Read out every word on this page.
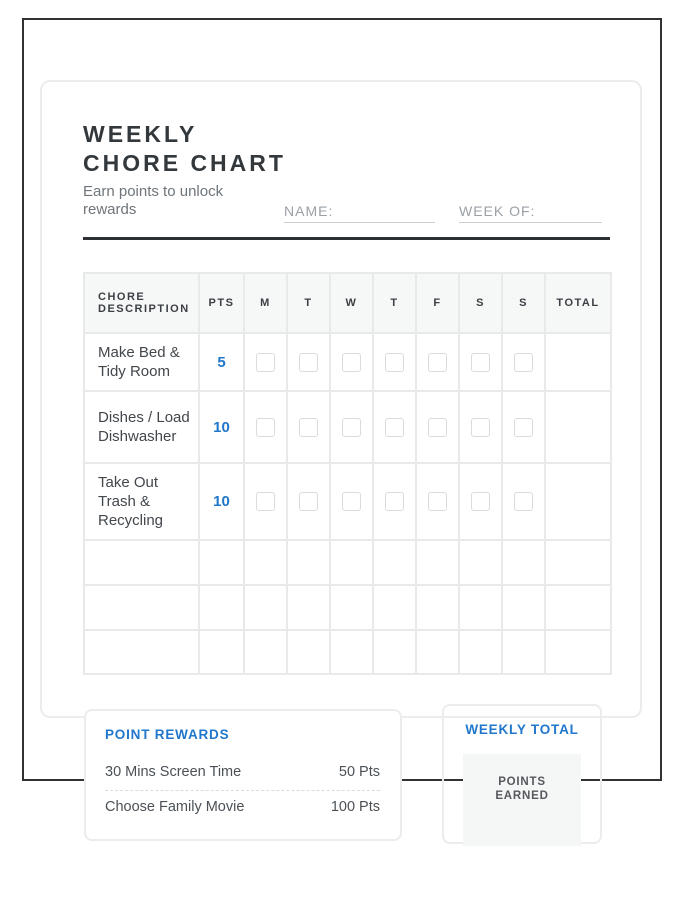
WEEKLY
CHORE CHART
Earn points to unlock rewards	NAME:	WEEK OF:
CHORE DESCRIPTION	PTS	M	T	W	T	F	S	S	TOTAL
Make Bed & Tidy Room	5	

Dishes / Load Dishwasher	10	

Take Out Trash & Recycling	10	

POINT REWARDS
30 Mins Screen Time	50 Pts
Choose Family Movie	100 Pts
WEEKLY TOTAL
POINTS
EARNED
